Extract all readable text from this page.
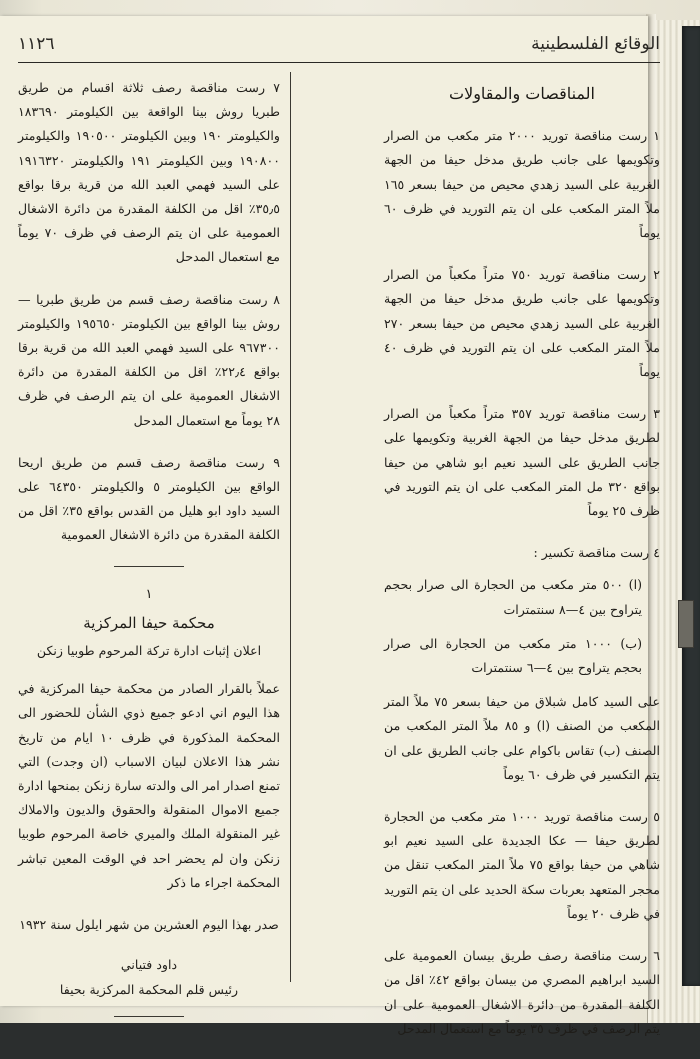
الوقائع الفلسطينية
١١٢٦
المناقصات والمقاولات

١ رست مناقصة توريد ٢٠٠٠ متر مكعب من الصرار وتكويمها على جانب طريق مدخل حيفا من الجهة الغربية على السيد زهدي محيص من حيفا بسعر ١٦٥ ملاً المتر المكعب على ان يتم التوريد في ظرف ٦٠ يوماً

٢ رست مناقصة توريد ٧٥٠ متراً مكعباً من الصرار وتكويمها على جانب طريق مدخل حيفا من الجهة الغربية على السيد زهدي محيص من حيفا بسعر ٢٧٠ ملاً المتر المكعب على ان يتم التوريد في ظرف ٤٠ يوماً

٣ رست مناقصة توريد ٣٥٧ متراً مكعباً من الصرار لطريق مدخل حيفا من الجهة الغربية وتكويمها على جانب الطريق على السيد نعيم ابو شاهي من حيفا بواقع ٣٢٠ مل المتر المكعب على ان يتم التوريد في ظرف ٢٥ يوماً

٤ رست مناقصة تكسير :

(ا) ٥٠٠ متر مكعب من الحجارة الى صرار بحجم يتراوح بين ٤—٨ سنتمترات

(ب) ١٠٠٠ متر مكعب من الحجارة الى صرار بحجم يتراوح بين ٤—٦ سنتمترات

على السيد كامل شبلاق من حيفا بسعر ٧٥ ملاً المتر المكعب من الصنف (ا) و ٨٥ ملاً المتر المكعب من الصنف (ب) تقاس باكوام على جانب الطريق على ان يتم التكسير في ظرف ٦٠ يوماً

٥ رست مناقصة توريد ١٠٠٠ متر مكعب من الحجارة لطريق حيفا — عكا الجديدة على السيد نعيم ابو شاهي من حيفا بواقع ٧٥ ملاً المتر المكعب تنقل من محجر المتعهد بعربات سكة الحديد على ان يتم التوريد في ظرف ٢٠ يوماً

٦ رست مناقصة رصف طريق بيسان العمومية على السيد ابراهيم المصري من بيسان بواقع ٤٢٪ اقل من الكلفة المقدرة من دائرة الاشغال العمومية على ان يتم الرصف في ظرف ٣٥ يوماً مع استعمال المدحل

٧ رست مناقصة رصف ثلاثة اقسام من طريق طبريا روش بينا الواقعة بين الكيلومتر ١٨٣٦٩٠ والكيلومتر ١٩٠ وبين الكيلومتر ١٩٠٥٠٠ والكيلومتر ١٩٠٨٠٠ وبين الكيلومتر ١٩١ والكيلومتر ١٩١٦٣٢٠ على السيد فهمي العبد الله من قرية برقا بواقع ٣٥٫٥٪ اقل من الكلفة المقدرة من دائرة الاشغال العمومية على ان يتم الرصف في ظرف ٧٠ يوماً مع استعمال المدحل

٨ رست مناقصة رصف قسم من طريق طبريا — روش بينا الواقع بين الكيلومتر ١٩٥٦٥٠ والكيلومتر ٩٦٧٣٠٠ على السيد فهمي العبد الله من قرية برقا بواقع ٢٢٫٤٪ اقل من الكلفة المقدرة من دائرة الاشغال العمومية على ان يتم الرصف في ظرف ٢٨ يوماً مع استعمال المدحل

٩ رست مناقصة رصف قسم من طريق اريحا الواقع بين الكيلومتر ٥ والكيلومتر ٦٤٣٥٠ على السيد داود ابو هليل من القدس بواقع ٣٥٪ اقل من الكلفة المقدرة من دائرة الاشغال العمومية

١
محكمة حيفا المركزية
اعلان إثبات ادارة تركة المرحوم طوبيا زنكن

عملاً بالقرار الصادر من محكمة حيفا المركزية في هذا اليوم اني ادعو جميع ذوي الشأن للحضور الى المحكمة المذكورة في ظرف ١٠ ايام من تاريخ نشر هذا الاعلان لبيان الاسباب (ان وجدت) التي تمنع اصدار امر الى والدته سارة زنكن بمنحها ادارة جميع الاموال المنقولة والحقوق والديون والاملاك غير المنقولة الملك والميري خاصة المرحوم طوبيا زنكن وان لم يحضر احد في الوقت المعين تباشر المحكمة اجراء ما ذكر

صدر بهذا اليوم العشرين من شهر ايلول سنة ١٩٣٢
داود فتياني
رئيس قلم المحكمة المركزية بحيفا
